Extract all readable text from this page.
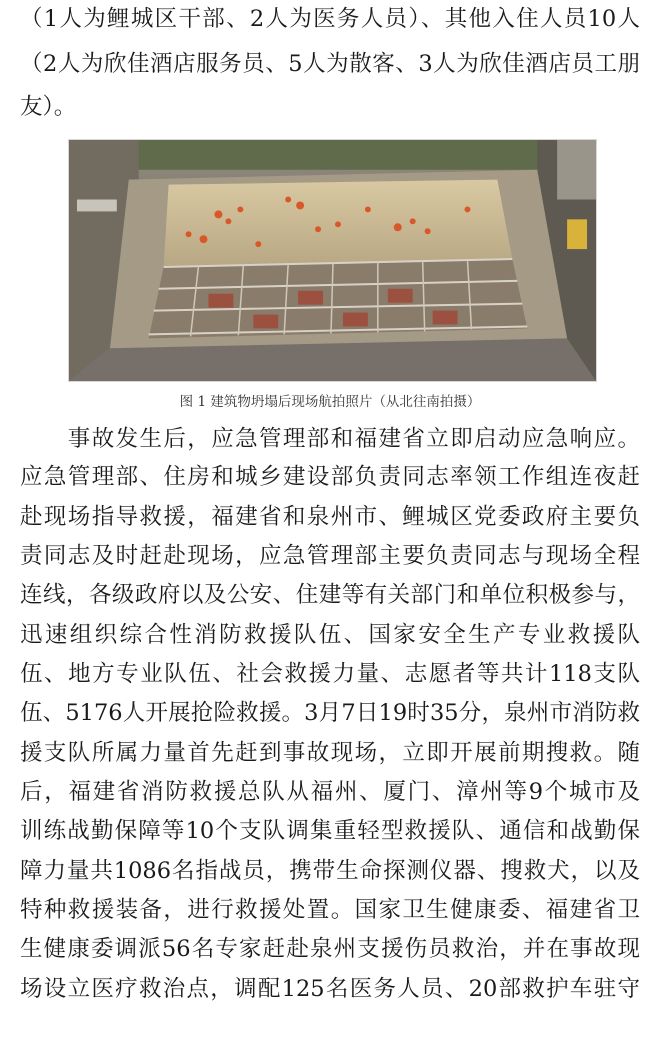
（1人为鲤城区干部、2人为医务人员）、其他入住人员10人
（2人为欣佳酒店服务员、5人为散客、3人为欣佳酒店员工朋
友）。
图 1 建筑物坍塌后现场航拍照片（从北往南拍摄）
　　事故发生后，应急管理部和福建省立即启动应急响应。
应急管理部、住房和城乡建设部负责同志率领工作组连夜赶
赴现场指导救援，福建省和泉州市、鲤城区党委政府主要负
责同志及时赶赴现场，应急管理部主要负责同志与现场全程
连线，各级政府以及公安、住建等有关部门和单位积极参与，
迅速组织综合性消防救援队伍、国家安全生产专业救援队
伍、地方专业队伍、社会救援力量、志愿者等共计118支队
伍、5176人开展抢险救援。3月7日19时35分，泉州市消防救
援支队所属力量首先赶到事故现场，立即开展前期搜救。随
后，福建省消防救援总队从福州、厦门、漳州等9个城市及
训练战勤保障等10个支队调集重轻型救援队、通信和战勤保
障力量共1086名指战员，携带生命探测仪器、搜救犬，以及
特种救援装备，进行救援处置。国家卫生健康委、福建省卫
生健康委调派56名专家赶赴泉州支援伤员救治，并在事故现
场设立医疗救治点，调配125名医务人员、20部救护车驻守
